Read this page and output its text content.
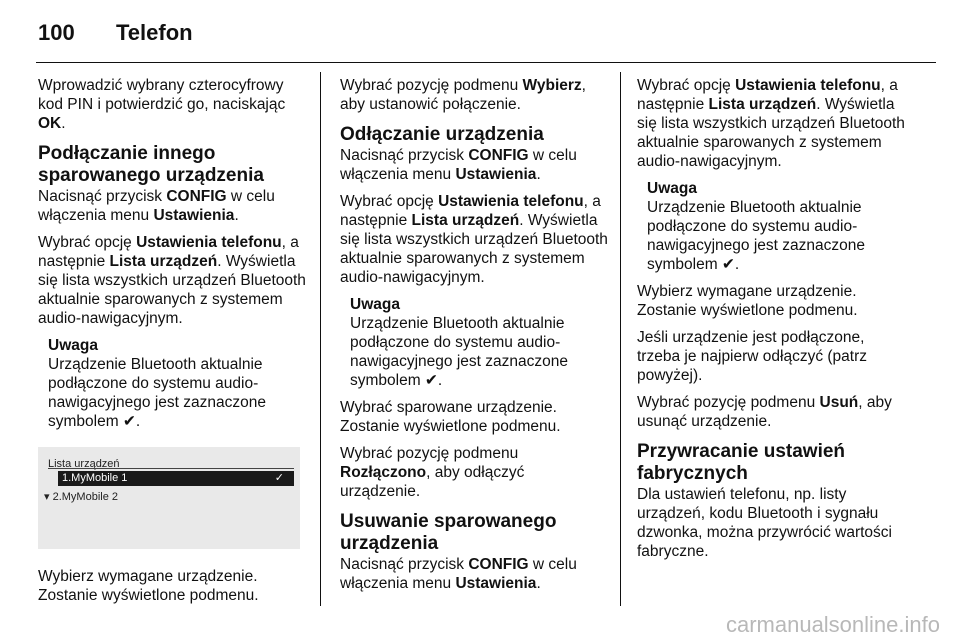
100 Telefon

Wprowadzić wybrany czterocyfrowy kod PIN i potwierdzić go, naciskając OK.

Podłączanie innego sparowanego urządzenia

Nacisnąć przycisk CONFIG w celu włączenia menu Ustawienia.

Wybrać opcję Ustawienia telefonu, a następnie Lista urządzeń. Wyświetla się lista wszystkich urządzeń Bluetooth aktualnie sparowanych z systemem audio-nawigacyjnym.

Uwaga
Urządzenie Bluetooth aktualnie podłączone do systemu audio-nawigacyjnego jest zaznaczone symbolem ✔.
Lista urządzeń
1.MyMobile 1	✓
▾ 2.MyMobile 2

Wybierz wymagane urządzenie. Zostanie wyświetlone podmenu.

Wybrać pozycję podmenu Wybierz, aby ustanowić połączenie.

Odłączanie urządzenia

Nacisnąć przycisk CONFIG w celu włączenia menu Ustawienia.

Wybrać opcję Ustawienia telefonu, a następnie Lista urządzeń. Wyświetla się lista wszystkich urządzeń Bluetooth aktualnie sparowanych z systemem audio-nawigacyjnym.

Uwaga
Urządzenie Bluetooth aktualnie podłączone do systemu audio-nawigacyjnego jest zaznaczone symbolem ✔.

Wybrać sparowane urządzenie. Zostanie wyświetlone podmenu.

Wybrać pozycję podmenu Rozłączono, aby odłączyć urządzenie.

Usuwanie sparowanego urządzenia

Nacisnąć przycisk CONFIG w celu włączenia menu Ustawienia.

Wybrać opcję Ustawienia telefonu, a następnie Lista urządzeń. Wyświetla się lista wszystkich urządzeń Bluetooth aktualnie sparowanych z systemem audio-nawigacyjnym.

Uwaga
Urządzenie Bluetooth aktualnie podłączone do systemu audio-nawigacyjnego jest zaznaczone symbolem ✔.

Wybierz wymagane urządzenie. Zostanie wyświetlone podmenu.

Jeśli urządzenie jest podłączone, trzeba je najpierw odłączyć (patrz powyżej).

Wybrać pozycję podmenu Usuń, aby usunąć urządzenie.

Przywracanie ustawień fabrycznych

Dla ustawień telefonu, np. listy urządzeń, kodu Bluetooth i sygnału dzwonka, można przywrócić wartości fabryczne.

carmanualsonline.info
